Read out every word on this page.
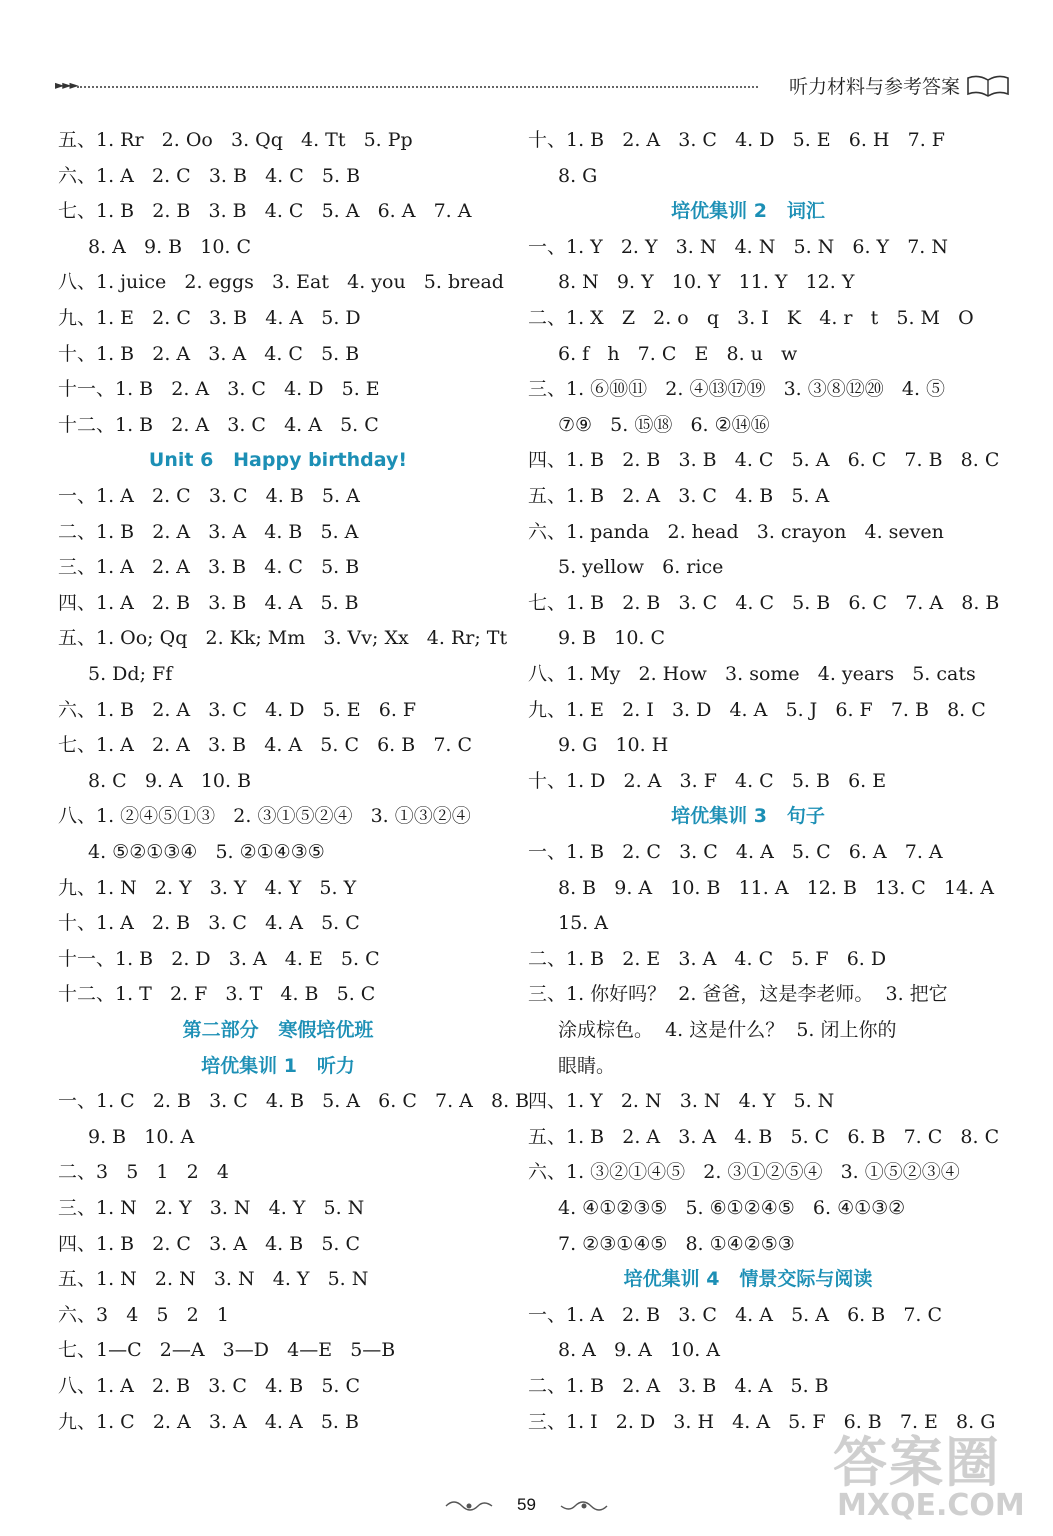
►►►	听力材料与参考答案
五、1. Rr   2. Oo   3. Qq   4. Tt   5. Pp
六、1. A   2. C   3. B   4. C   5. B
七、1. B   2. B   3. B   4. C   5. A   6. A   7. A
8. A   9. B   10. C
八、1. juice   2. eggs   3. Eat   4. you   5. bread
九、1. E   2. C   3. B   4. A   5. D
十、1. B   2. A   3. A   4. C   5. B
十一、1. B   2. A   3. C   4. D   5. E
十二、1. B   2. A   3. C   4. A   5. C
Unit 6   Happy birthday!
一、1. A   2. C   3. C   4. B   5. A
二、1. B   2. A   3. A   4. B   5. A
三、1. A   2. A   3. B   4. C   5. B
四、1. A   2. B   3. B   4. A   5. B
五、1. Oo; Qq   2. Kk; Mm   3. Vv; Xx   4. Rr; Tt
5. Dd; Ff
六、1. B   2. A   3. C   4. D   5. E   6. F
七、1. A   2. A   3. B   4. A   5. C   6. B   7. C
8. C   9. A   10. B
八、1. ②④⑤①③   2. ③①⑤②④   3. ①③②④
4. ⑤②①③④   5. ②①④③⑤
九、1. N   2. Y   3. Y   4. Y   5. Y
十、1. A   2. B   3. C   4. A   5. C
十一、1. B   2. D   3. A   4. E   5. C
十二、1. T   2. F   3. T   4. B   5. C
第二部分   寒假培优班
培优集训 1   听力
一、1. C   2. B   3. C   4. B   5. A   6. C   7. A   8. B
9. B   10. A
二、3   5   1   2   4
三、1. N   2. Y   3. N   4. Y   5. N
四、1. B   2. C   3. A   4. B   5. C
五、1. N   2. N   3. N   4. Y   5. N
六、3   4   5   2   1
七、1—C   2—A   3—D   4—E   5—B
八、1. A   2. B   3. C   4. B   5. C
九、1. C   2. A   3. A   4. A   5. B
十、1. B   2. A   3. C   4. D   5. E   6. H   7. F
8. G
培优集训 2   词汇
一、1. Y   2. Y   3. N   4. N   5. N   6. Y   7. N
8. N   9. Y   10. Y   11. Y   12. Y
二、1. X   Z   2. o   q   3. I   K   4. r   t   5. M   O
6. f   h   7. C   E   8. u   w
三、1. ⑥⑩⑪   2. ④⑬⑰⑲   3. ③⑧⑫⑳   4. ⑤
⑦⑨   5. ⑮⑱   6. ②⑭⑯
四、1. B   2. B   3. B   4. C   5. A   6. C   7. B   8. C
五、1. B   2. A   3. C   4. B   5. A
六、1. panda   2. head   3. crayon   4. seven
5. yellow   6. rice
七、1. B   2. B   3. C   4. C   5. B   6. C   7. A   8. B
9. B   10. C
八、1. My   2. How   3. some   4. years   5. cats
九、1. E   2. I   3. D   4. A   5. J   6. F   7. B   8. C
9. G   10. H
十、1. D   2. A   3. F   4. C   5. B   6. E
培优集训 3   句子
一、1. B   2. C   3. C   4. A   5. C   6. A   7. A
8. B   9. A   10. B   11. A   12. B   13. C   14. A
15. A
二、1. B   2. E   3. A   4. C   5. F   6. D
三、1. 你好吗？  2. 爸爸，这是李老师。  3. 把它
涂成棕色。  4. 这是什么？  5. 闭上你的
眼睛。
四、1. Y   2. N   3. N   4. Y   5. N
五、1. B   2. A   3. A   4. B   5. C   6. B   7. C   8. C
六、1. ③②①④⑤   2. ③①②⑤④   3. ①⑤②③④
4. ④①②③⑤   5. ⑥①②④⑤   6. ④①③②
7. ②③①④⑤   8. ①④②⑤③
培优集训 4   情景交际与阅读
一、1. A   2. B   3. C   4. A   5. A   6. B   7. C
8. A   9. A   10. A
二、1. B   2. A   3. B   4. A   5. B
三、1. I   2. D   3. H   4. A   5. F   6. B   7. E   8. G
59
答案圈
MXQE.COM
